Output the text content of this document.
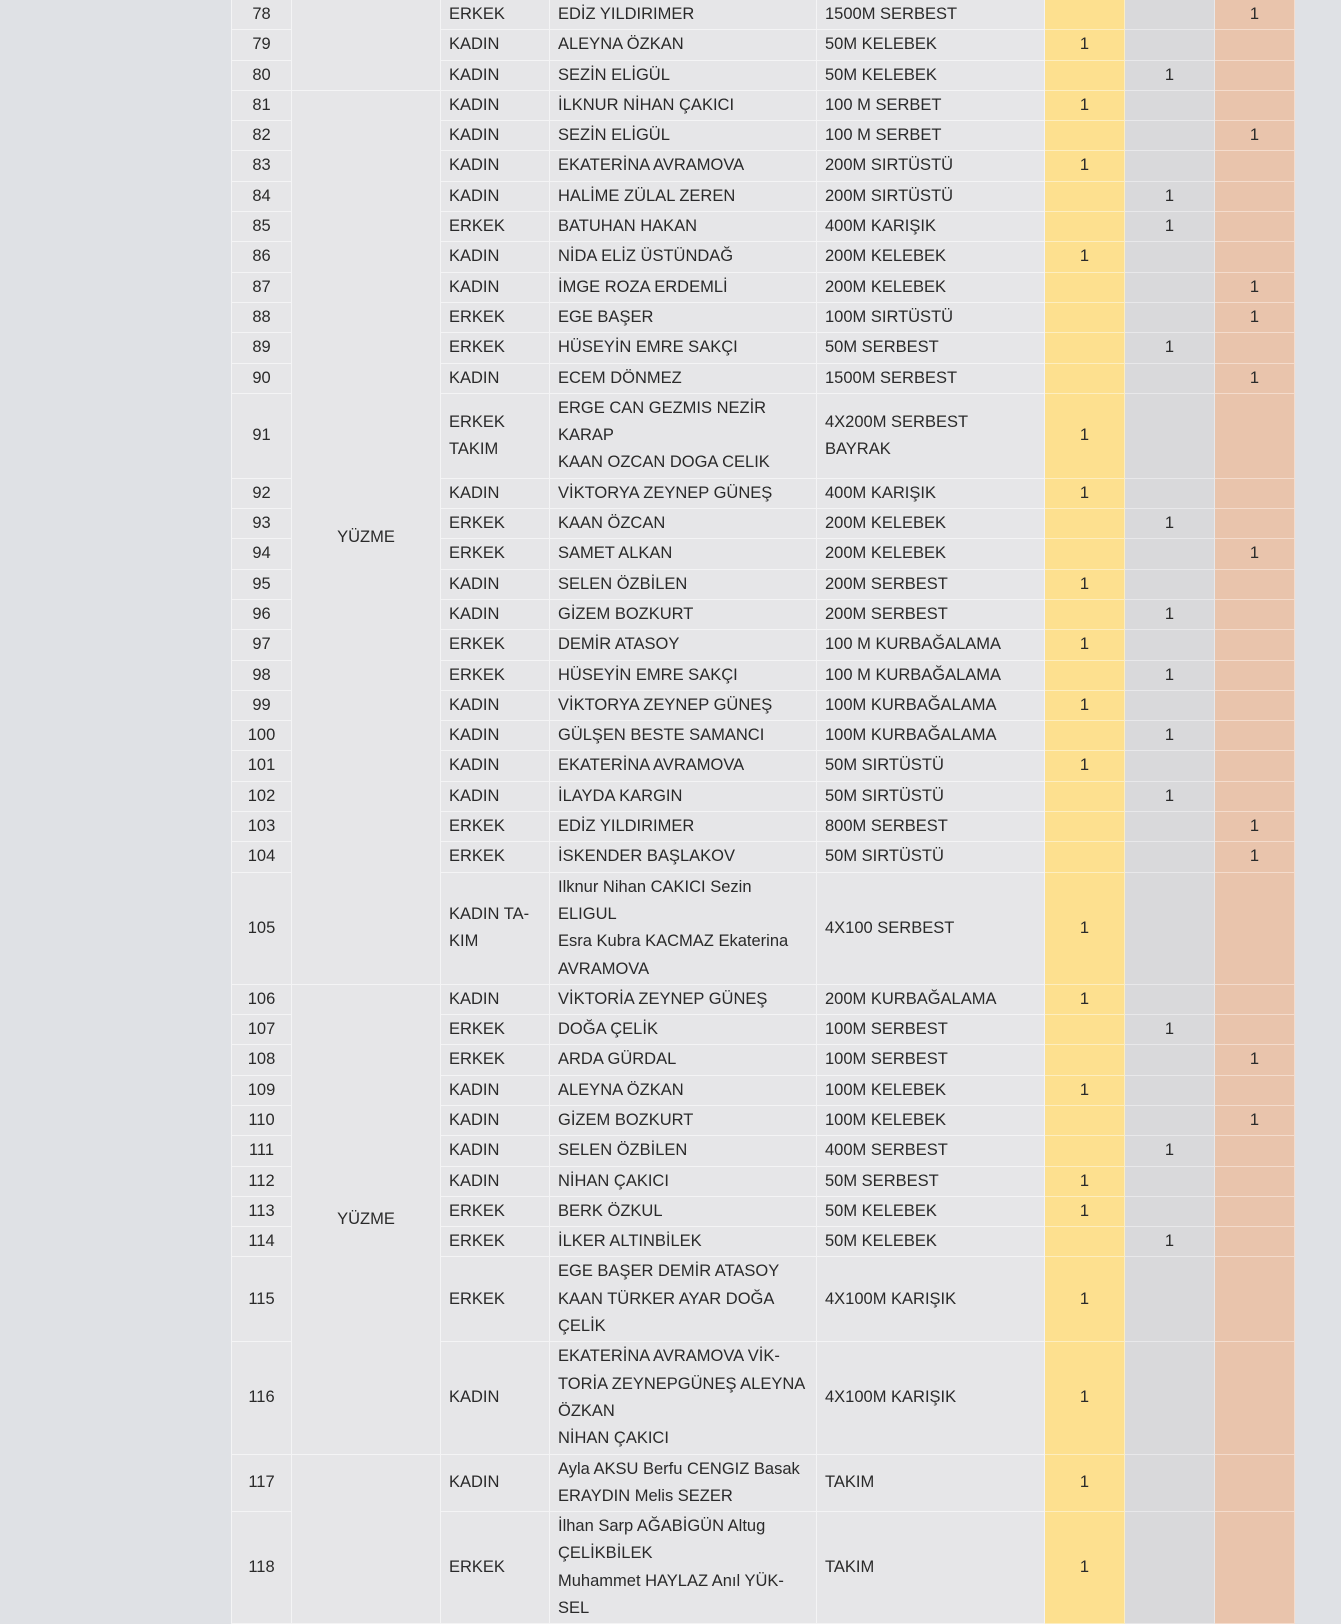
78		ERKEK	EDİZ YILDIRIMER	1500M SERBEST			1
79		KADIN	ALEYNA ÖZKAN	50M KELEBEK	1		
80		KADIN	SEZİN ELİGÜL	50M KELEBEK		1	
81	YÜZME	KADIN	İLKNUR NİHAN ÇAKICI	100 M SERBET	1		
82		KADIN	SEZİN ELİGÜL	100 M SERBET			1
83		KADIN	EKATERİNA AVRAMOVA	200M SIRTÜSTÜ	1		
84		KADIN	HALİME ZÜLAL ZEREN	200M SIRTÜSTÜ		1	
85		ERKEK	BATUHAN HAKAN	400M KARIŞIK		1	
86		KADIN	NİDA ELİZ ÜSTÜNDAĞ	200M KELEBEK	1		
87		KADIN	İMGE ROZA ERDEMLİ	200M KELEBEK			1
88		ERKEK	EGE BAŞER	100M SIRTÜSTÜ			1
89		ERKEK	HÜSEYİN EMRE SAKÇI	50M SERBEST		1	
90		KADIN	ECEM DÖNMEZ	1500M SERBEST			1
91		ERKEK
TAKIM	ERGE CAN GEZMIS NEZİR KARAP
KAAN OZCAN DOGA CELIK	4X200M SERBEST BAYRAK	1		
92		KADIN	VİKTORYA ZEYNEP GÜNEŞ	400M KARIŞIK	1		
93		ERKEK	KAAN ÖZCAN	200M KELEBEK		1	
94		ERKEK	SAMET ALKAN	200M KELEBEK			1
95		KADIN	SELEN ÖZBİLEN	200M SERBEST	1		
96		KADIN	GİZEM BOZKURT	200M SERBEST		1	
97		ERKEK	DEMİR ATASOY	100 M KURBAĞALAMA	1		
98		ERKEK	HÜSEYİN EMRE SAKÇI	100 M KURBAĞALAMA		1	
99		KADIN	VİKTORYA ZEYNEP GÜNEŞ	100M KURBAĞALAMA	1		
100		KADIN	GÜLŞEN BESTE SAMANCI	100M KURBAĞALAMA		1	
101		KADIN	EKATERİNA AVRAMOVA	50M SIRTÜSTÜ	1		
102		KADIN	İLAYDA KARGIN	50M SIRTÜSTÜ		1	
103		ERKEK	EDİZ YILDIRIMER	800M SERBEST			1
104		ERKEK	İSKENDER BAŞLAKOV	50M SIRTÜSTÜ			1
105		KADIN TA-
KIM	Ilknur Nihan CAKICI Sezin ELIGUL
Esra Kubra KACMAZ Ekaterina
AVRAMOVA	4X100 SERBEST	1		
106	YÜZME	KADIN	VİKTORİA ZEYNEP GÜNEŞ	200M KURBAĞALAMA	1		
107		ERKEK	DOĞA ÇELİK	100M SERBEST		1	
108		ERKEK	ARDA GÜRDAL	100M SERBEST			1
109		KADIN	ALEYNA ÖZKAN	100M KELEBEK	1		
110		KADIN	GİZEM BOZKURT	100M KELEBEK			1
111		KADIN	SELEN ÖZBİLEN	400M SERBEST		1	
112		KADIN	NİHAN ÇAKICI	50M SERBEST	1		
113		ERKEK	BERK ÖZKUL	50M KELEBEK	1		
114		ERKEK	İLKER ALTINBİLEK	50M KELEBEK		1	
115		ERKEK	EGE BAŞER DEMİR ATASOY
KAAN TÜRKER AYAR DOĞA
ÇELİK	4X100M KARIŞIK	1		
116		KADIN	EKATERİNA AVRAMOVA VİK-
TORİA ZEYNEPGÜNEŞ ALEYNA
ÖZKAN
NİHAN ÇAKICI	4X100M KARIŞIK	1		
117		KADIN	Ayla AKSU Berfu CENGIZ Basak
ERAYDIN Melis SEZER	TAKIM	1		
118		ERKEK	İlhan Sarp AĞABİGÜN Altug
ÇELİKBİLEK
Muhammet HAYLAZ Anıl YÜK-
SEL	TAKIM	1		
